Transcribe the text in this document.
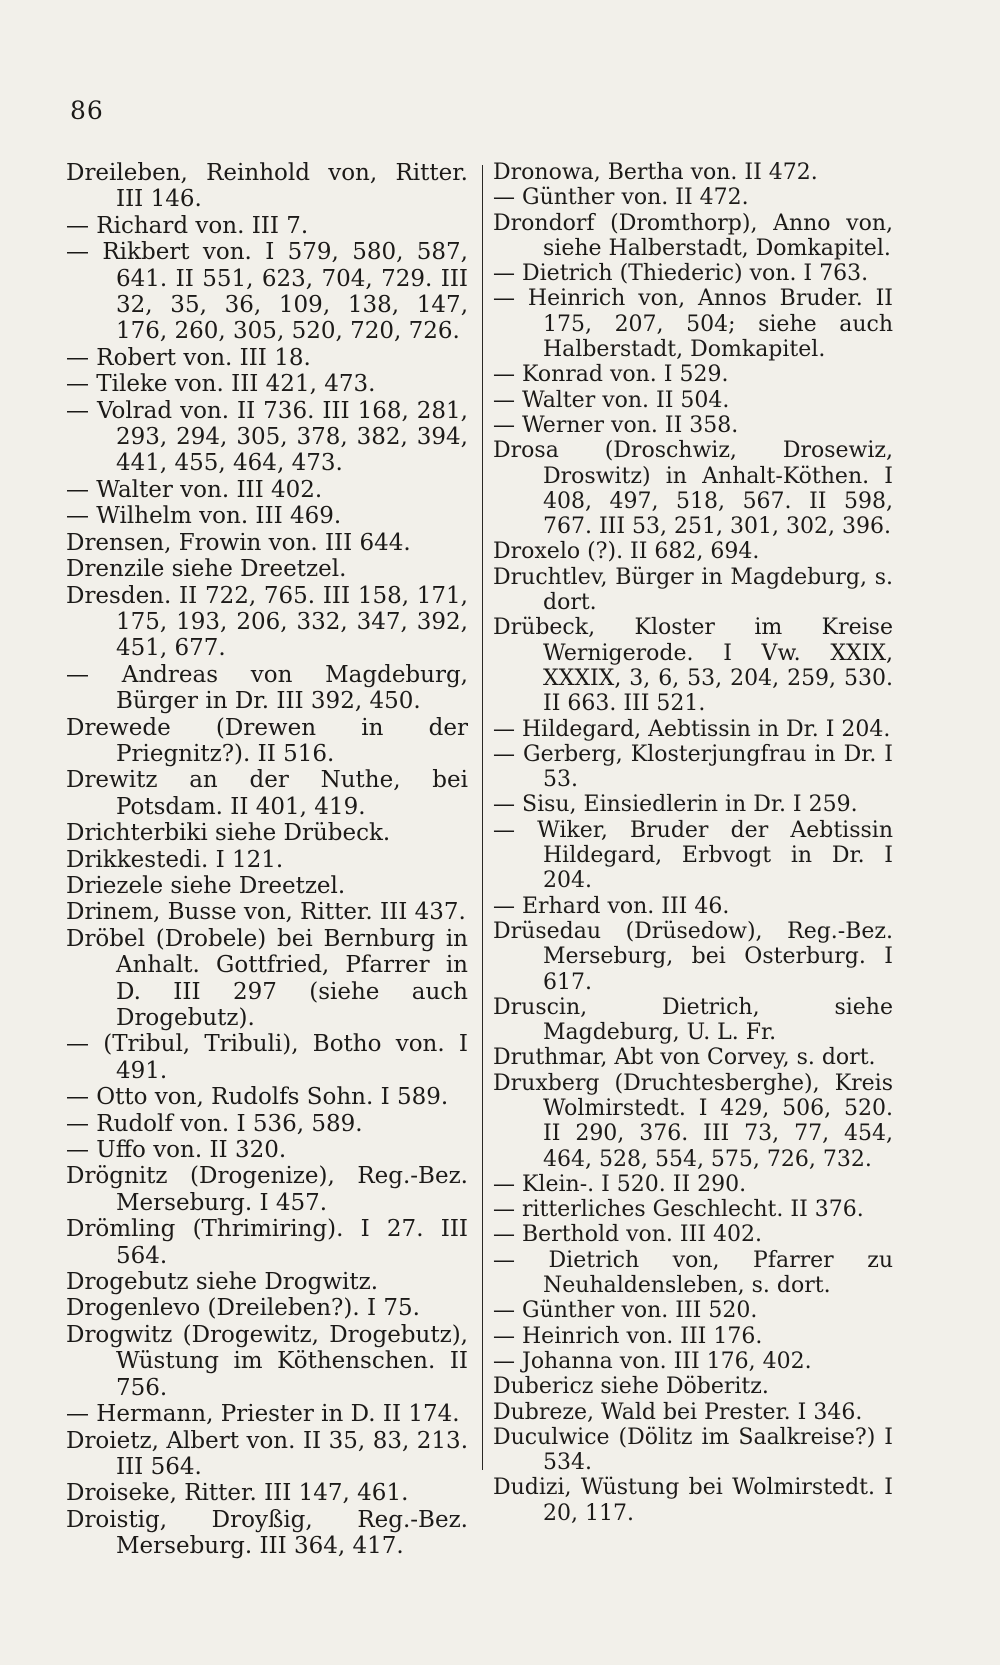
86
Dreileben, Reinhold von, Ritter. III 146.
— Richard von. III 7.
— Rikbert von. I 579, 580, 587, 641. II 551, 623, 704, 729. III 32, 35, 36, 109, 138, 147, 176, 260, 305, 520, 720, 726.
— Robert von. III 18.
— Tileke von. III 421, 473.
— Volrad von. II 736. III 168, 281, 293, 294, 305, 378, 382, 394, 441, 455, 464, 473.
— Walter von. III 402.
— Wilhelm von. III 469.
Drensen, Frowin von. III 644.
Drenzile siehe Dreetzel.
Dresden. II 722, 765. III 158, 171, 175, 193, 206, 332, 347, 392, 451, 677.
— Andreas von Magdeburg, Bürger in Dr. III 392, 450.
Drewede (Drewen in der Priegnitz?). II 516.
Drewitz an der Nuthe, bei Potsdam. II 401, 419.
Drichterbiki siehe Drübeck.
Drikkestedi. I 121.
Driezele siehe Dreetzel.
Drinem, Busse von, Ritter. III 437.
Dröbel (Drobele) bei Bernburg in Anhalt. Gottfried, Pfarrer in D. III 297 (siehe auch Drogebutz).
— (Tribul, Tribuli), Botho von. I 491.
— Otto von, Rudolfs Sohn. I 589.
— Rudolf von. I 536, 589.
— Uffo von. II 320.
Drögnitz (Drogenize), Reg.-Bez. Merseburg. I 457.
Drömling (Thrimiring). I 27. III 564.
Drogebutz siehe Drogwitz.
Drogenlevo (Dreileben?). I 75.
Drogwitz (Drogewitz, Drogebutz), Wüstung im Köthenschen. II 756.
— Hermann, Priester in D. II 174.
Droietz, Albert von. II 35, 83, 213. III 564.
Droiseke, Ritter. III 147, 461.
Droistig, Droyßig, Reg.-Bez. Merseburg. III 364, 417.
Dronowa, Bertha von. II 472.
— Günther von. II 472.
Drondorf (Dromthorp), Anno von, siehe Halberstadt, Domkapitel.
— Dietrich (Thiederic) von. I 763.
— Heinrich von, Annos Bruder. II 175, 207, 504; siehe auch Halberstadt, Domkapitel.
— Konrad von. I 529.
— Walter von. II 504.
— Werner von. II 358.
Drosa (Droschwiz, Drosewiz, Droswitz) in Anhalt-Köthen. I 408, 497, 518, 567. II 598, 767. III 53, 251, 301, 302, 396.
Droxelo (?). II 682, 694.
Druchtlev, Bürger in Magdeburg, s. dort.
Drübeck, Kloster im Kreise Wernigerode. I Vw. XXIX, XXXIX, 3, 6, 53, 204, 259, 530. II 663. III 521.
— Hildegard, Aebtissin in Dr. I 204.
— Gerberg, Klosterjungfrau in Dr. I 53.
— Sisu, Einsiedlerin in Dr. I 259.
— Wiker, Bruder der Aebtissin Hildegard, Erbvogt in Dr. I 204.
— Erhard von. III 46.
Drüsedau (Drüsedow), Reg.-Bez. Merseburg, bei Osterburg. I 617.
Druscin, Dietrich, siehe Magdeburg, U. L. Fr.
Druthmar, Abt von Corvey, s. dort.
Druxberg (Druchtesberghe), Kreis Wolmirstedt. I 429, 506, 520. II 290, 376. III 73, 77, 454, 464, 528, 554, 575, 726, 732.
— Klein-. I 520. II 290.
— ritterliches Geschlecht. II 376.
— Berthold von. III 402.
— Dietrich von, Pfarrer zu Neuhaldensleben, s. dort.
— Günther von. III 520.
— Heinrich von. III 176.
— Johanna von. III 176, 402.
Dubericz siehe Döberitz.
Dubreze, Wald bei Prester. I 346.
Duculwice (Dölitz im Saalkreise?) I 534.
Dudizi, Wüstung bei Wolmirstedt. I 20, 117.
